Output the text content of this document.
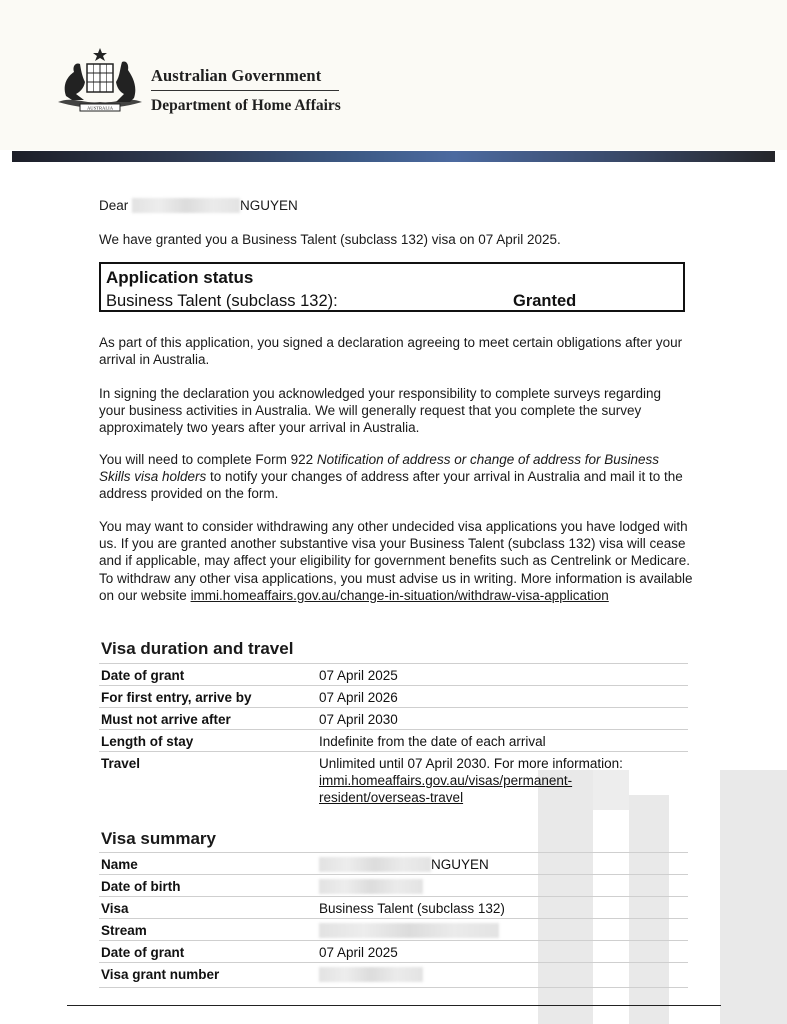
AUSTRALIA
Australian Government
Department of Home Affairs
Dear	NGUYEN
We have granted you a Business Talent (subclass 132) visa on 07 April 2025.
Application status
Business Talent (subclass 132):	Granted
As part of this application, you signed a declaration agreeing to meet certain obligations after your arrival in Australia.
In signing the declaration you acknowledged your responsibility to complete surveys regarding your business activities in Australia. We will generally request that you complete the survey approximately two years after your arrival in Australia.
You will need to complete Form 922 Notification of address or change of address for Business Skills visa holders to notify your changes of address after your arrival in Australia and mail it to the address provided on the form.
You may want to consider withdrawing any other undecided visa applications you have lodged with us. If you are granted another substantive visa your Business Talent (subclass 132) visa will cease and if applicable, may affect your eligibility for government benefits such as Centrelink or Medicare. To withdraw any other visa applications, you must advise us in writing. More information is available on our website immi.homeaffairs.gov.au/change-in-situation/withdraw-visa-application
Visa duration and travel
Date of grant	07 April 2025
For first entry, arrive by	07 April 2026
Must not arrive after	07 April 2030
Length of stay	Indefinite from the date of each arrival
Travel	Unlimited until 07 April 2030. For more information:
immi.homeaffairs.gov.au/visas/permanent-resident/overseas-travel
Visa summary
Name	NGUYEN
Date of birth
Visa	Business Talent (subclass 132)
Stream
Date of grant	07 April 2025
Visa grant number
